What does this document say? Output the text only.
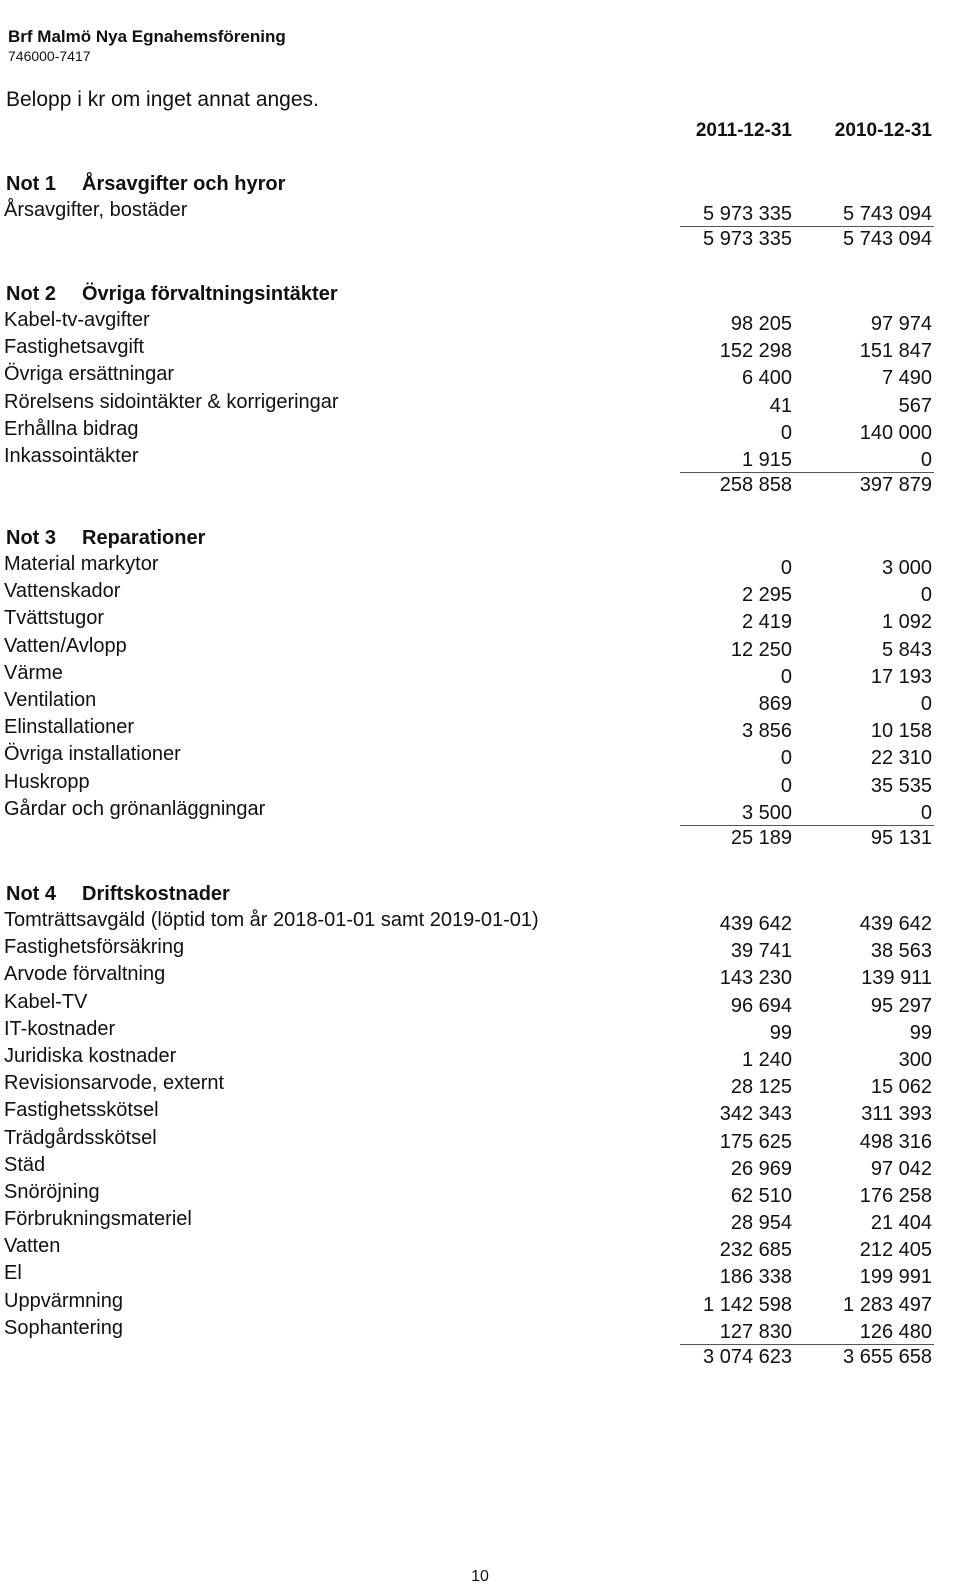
Brf Malmö Nya Egnahemsförening
746000-7417
Belopp i kr om inget annat anges.
2011-12-31	2010-12-31
Not 1 Årsavgifter och hyror
Årsavgifter, bostäder	5 973 335	5 743 094
5 973 335	5 743 094
Not 2 Övriga förvaltningsintäkter
Kabel-tv-avgifter	98 205	97 974
Fastighetsavgift	152 298	151 847
Övriga ersättningar	6 400	7 490
Rörelsens sidointäkter & korrigeringar	41	567
Erhållna bidrag	0	140 000
Inkassointäkter	1 915	0
258 858	397 879
Not 3 Reparationer
Material markytor	0	3 000
Vattenskador	2 295	0
Tvättstugor	2 419	1 092
Vatten/Avlopp	12 250	5 843
Värme	0	17 193
Ventilation	869	0
Elinstallationer	3 856	10 158
Övriga installationer	0	22 310
Huskropp	0	35 535
Gårdar och grönanläggningar	3 500	0
25 189	95 131
Not 4 Driftskostnader
Tomträttsavgäld (löptid tom år 2018-01-01 samt 2019-01-01)	439 642	439 642
Fastighetsförsäkring	39 741	38 563
Arvode förvaltning	143 230	139 911
Kabel-TV	96 694	95 297
IT-kostnader	99	99
Juridiska kostnader	1 240	300
Revisionsarvode, externt	28 125	15 062
Fastighetsskötsel	342 343	311 393
Trädgårdsskötsel	175 625	498 316
Städ	26 969	97 042
Snöröjning	62 510	176 258
Förbrukningsmateriel	28 954	21 404
Vatten	232 685	212 405
El	186 338	199 991
Uppvärmning	1 142 598	1 283 497
Sophantering	127 830	126 480
3 074 623	3 655 658
10
